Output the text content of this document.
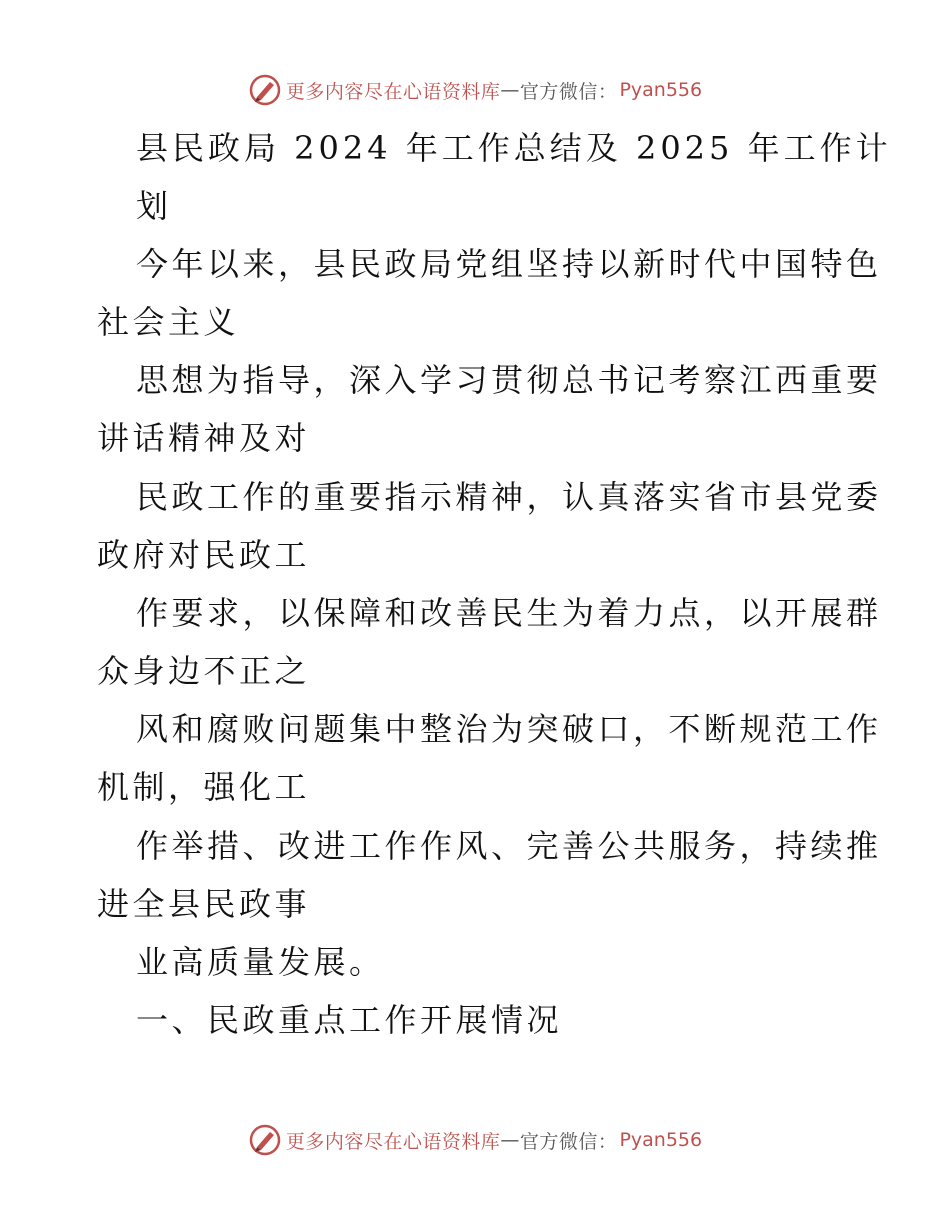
更多内容尽在心语资料库 — 官方微信： Pyan556
县民政局 2024 年工作总结及 2025 年工作计
划
今年以来，县民政局党组坚持以新时代中国特色
社会主义
思想为指导，深入学习贯彻总书记考察江西重要
讲话精神及对
民政工作的重要指示精神，认真落实省市县党委
政府对民政工
作要求，以保障和改善民生为着力点，以开展群
众身边不正之
风和腐败问题集中整治为突破口，不断规范工作
机制，强化工
作举措、改进工作作风、完善公共服务，持续推
进全县民政事
业高质量发展。
一、民政重点工作开展情况
更多内容尽在心语资料库 — 官方微信： Pyan556
